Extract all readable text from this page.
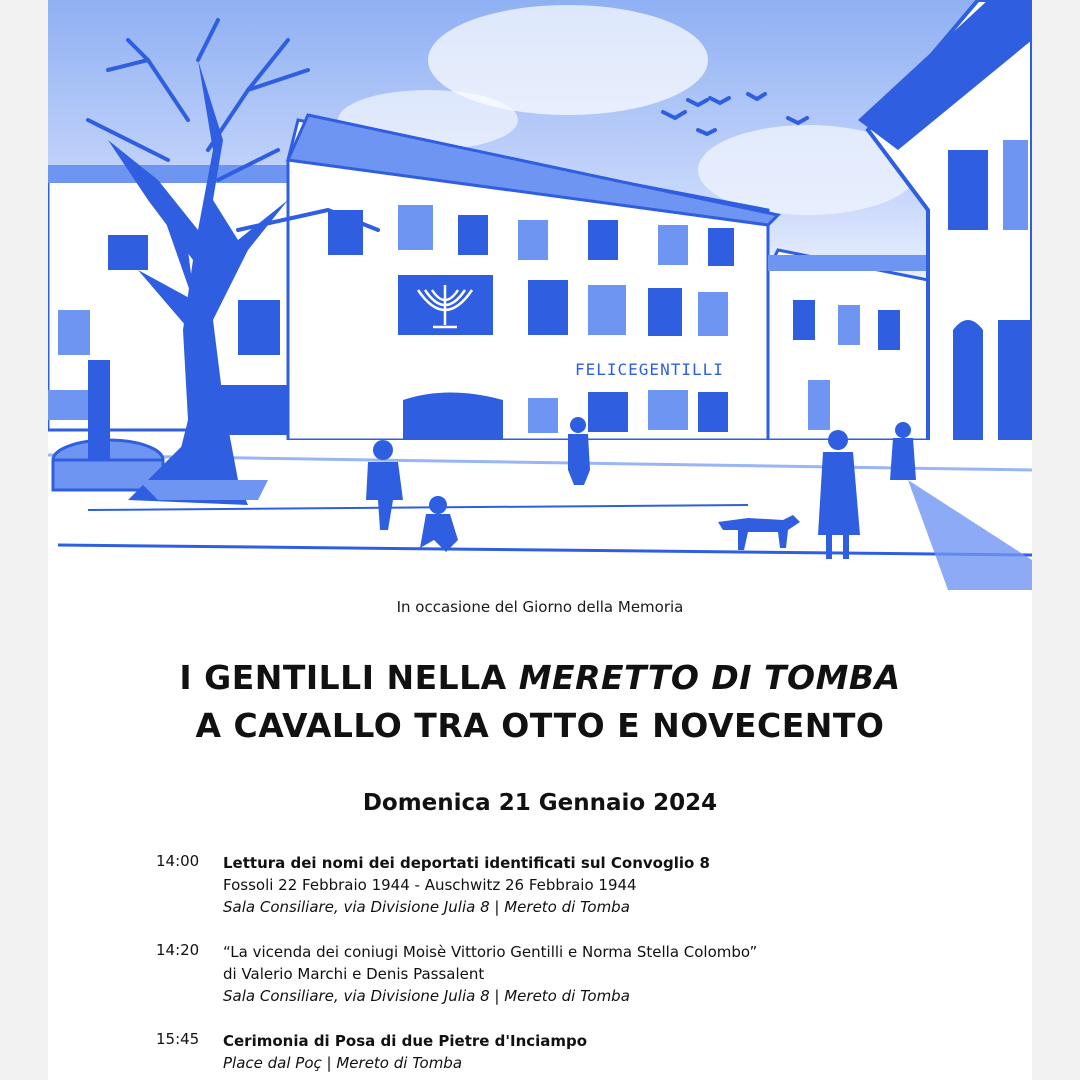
FELICEGENTILLI
In occasione del Giorno della Memoria
I GENTILLI NELLA MERETTO DI TOMBA
A CAVALLO TRA OTTO E NOVECENTO
Domenica 21 Gennaio 2024
14:00 Lettura dei nomi dei deportati identificati sul Convoglio 8
Fossoli 22 Febbraio 1944 - Auschwitz 26 Febbraio 1944
Sala Consiliare, via Divisione Julia 8 | Mereto di Tomba
14:20 “La vicenda dei coniugi Moisè Vittorio Gentilli e Norma Stella Colombo”
di Valerio Marchi e Denis Passalent
Sala Consiliare, via Divisione Julia 8 | Mereto di Tomba
15:45 Cerimonia di Posa di due Pietre d'Inciampo
Place dal Poç | Mereto di Tomba
